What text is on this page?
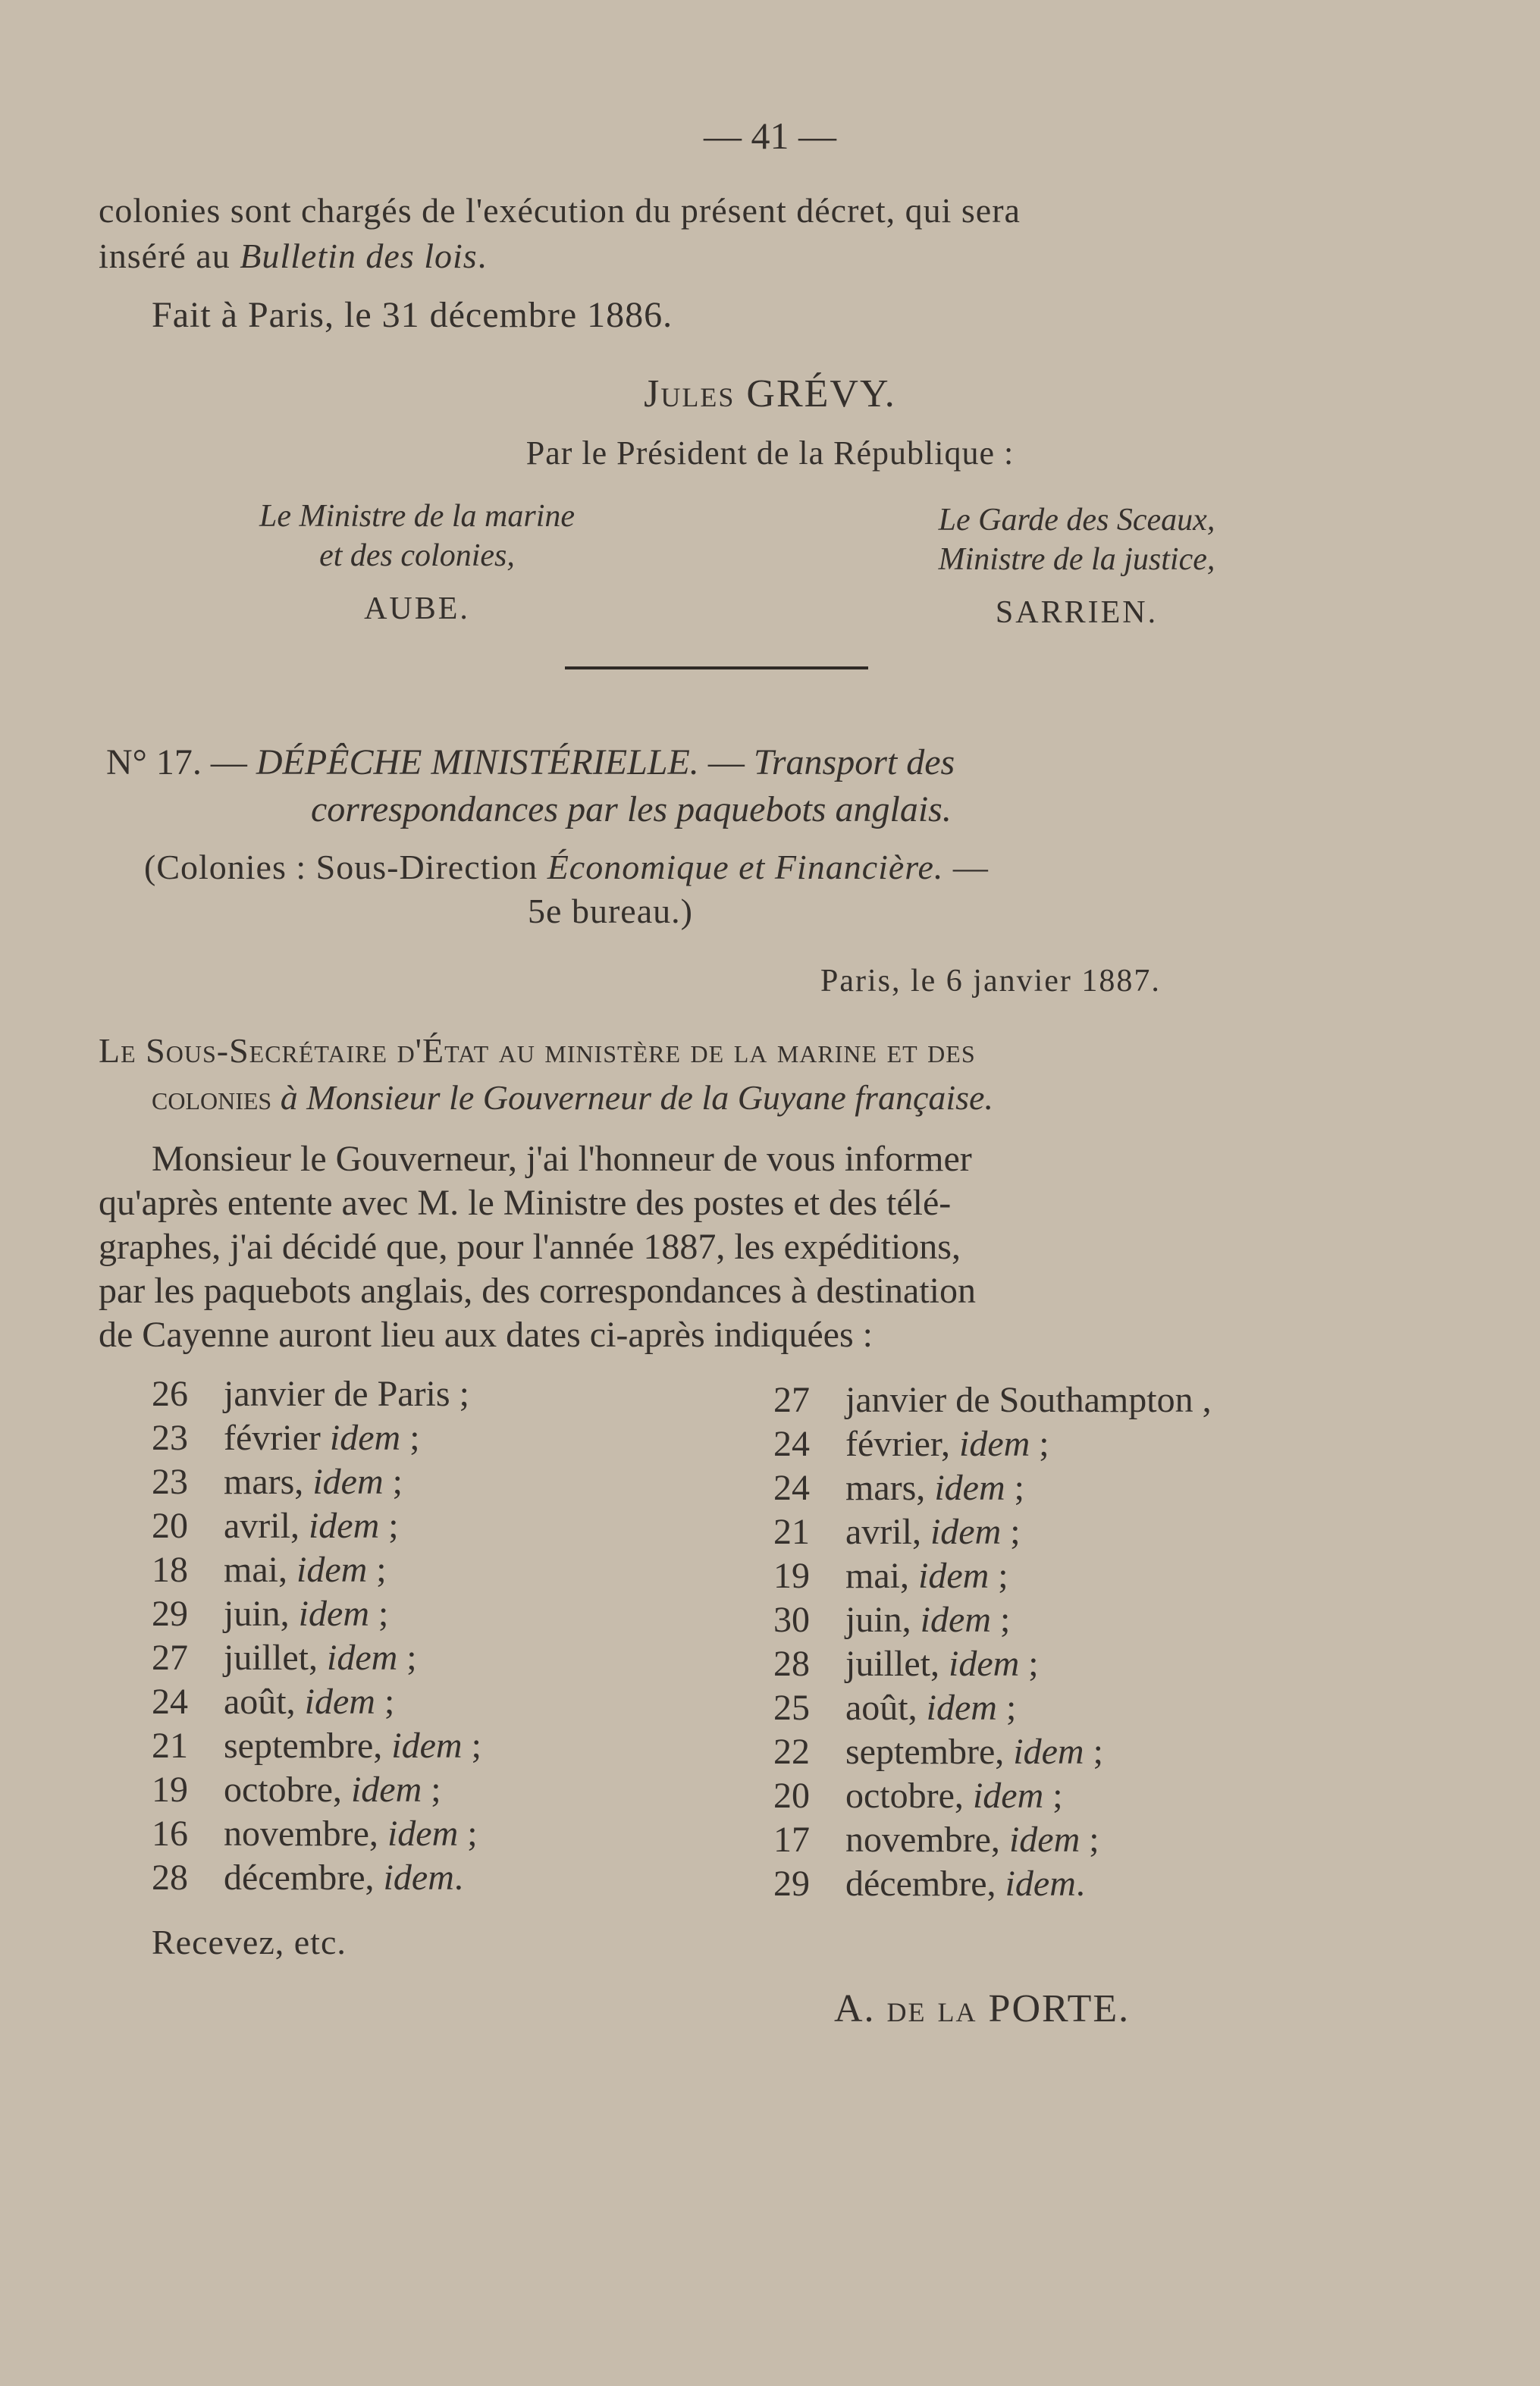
— 41 —
colonies sont chargés de l'exécution du présent décret, qui sera
inséré au Bulletin des lois.
Fait à Paris, le 31 décembre 1886.
Jules GRÉVY.
Par le Président de la République :
Le Ministre de la marine
et des colonies,
AUBE.
Le Garde des Sceaux,
Ministre de la justice,
SARRIEN.
N° 17. — DÉPÊCHE MINISTÉRIELLE. — Transport des
correspondances par les paquebots anglais.
(Colonies : Sous-Direction Économique et Financière. —
5e bureau.)
Paris, le 6 janvier 1887.
Le Sous-Secrétaire d'État au ministère de la marine et des
colonies à Monsieur le Gouverneur de la Guyane française.
Monsieur le Gouverneur, j'ai l'honneur de vous informer
qu'après entente avec M. le Ministre des postes et des télé-
graphes, j'ai décidé que, pour l'année 1887, les expéditions,
par les paquebots anglais, des correspondances à destination
de Cayenne auront lieu aux dates ci-après indiquées :
26 janvier de Paris ;
23 février idem ;
23 mars, idem ;
20 avril, idem ;
18 mai, idem ;
29 juin, idem ;
27 juillet, idem ;
24 août, idem ;
21 septembre, idem ;
19 octobre, idem ;
16 novembre, idem ;
28 décembre, idem.
27 janvier de Southampton ,
24 février, idem ;
24 mars, idem ;
21 avril, idem ;
19 mai, idem ;
30 juin, idem ;
28 juillet, idem ;
25 août, idem ;
22 septembre, idem ;
20 octobre, idem ;
17 novembre, idem ;
29 décembre, idem.
Recevez, etc.
A. de la PORTE.
